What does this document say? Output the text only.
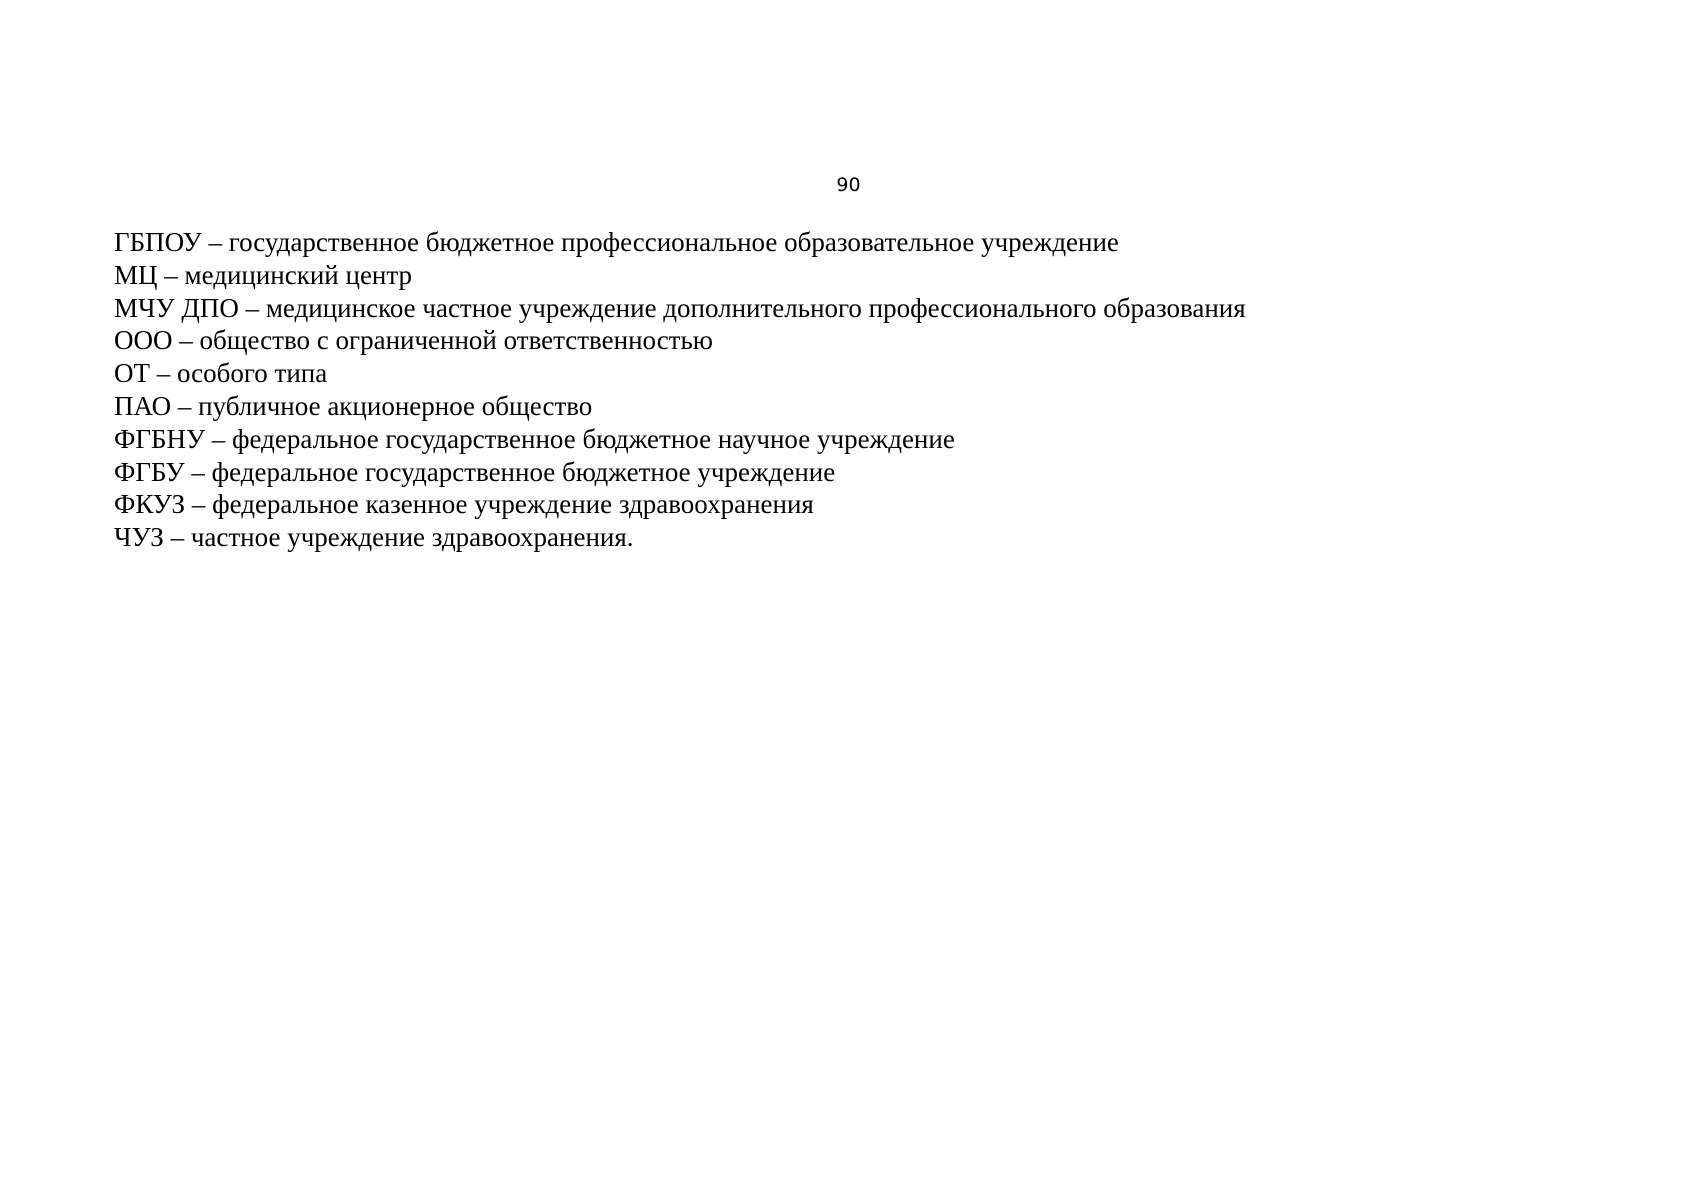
90
ГБПОУ – государственное бюджетное профессиональное образовательное учреждение
МЦ – медицинский центр
МЧУ ДПО – медицинское частное учреждение дополнительного профессионального образования
ООО – общество с ограниченной ответственностью
ОТ – особого типа
ПАО – публичное акционерное общество
ФГБНУ – федеральное государственное бюджетное научное учреждение
ФГБУ – федеральное государственное бюджетное учреждение
ФКУЗ – федеральное казенное учреждение здравоохранения
ЧУЗ – частное учреждение здравоохранения.
